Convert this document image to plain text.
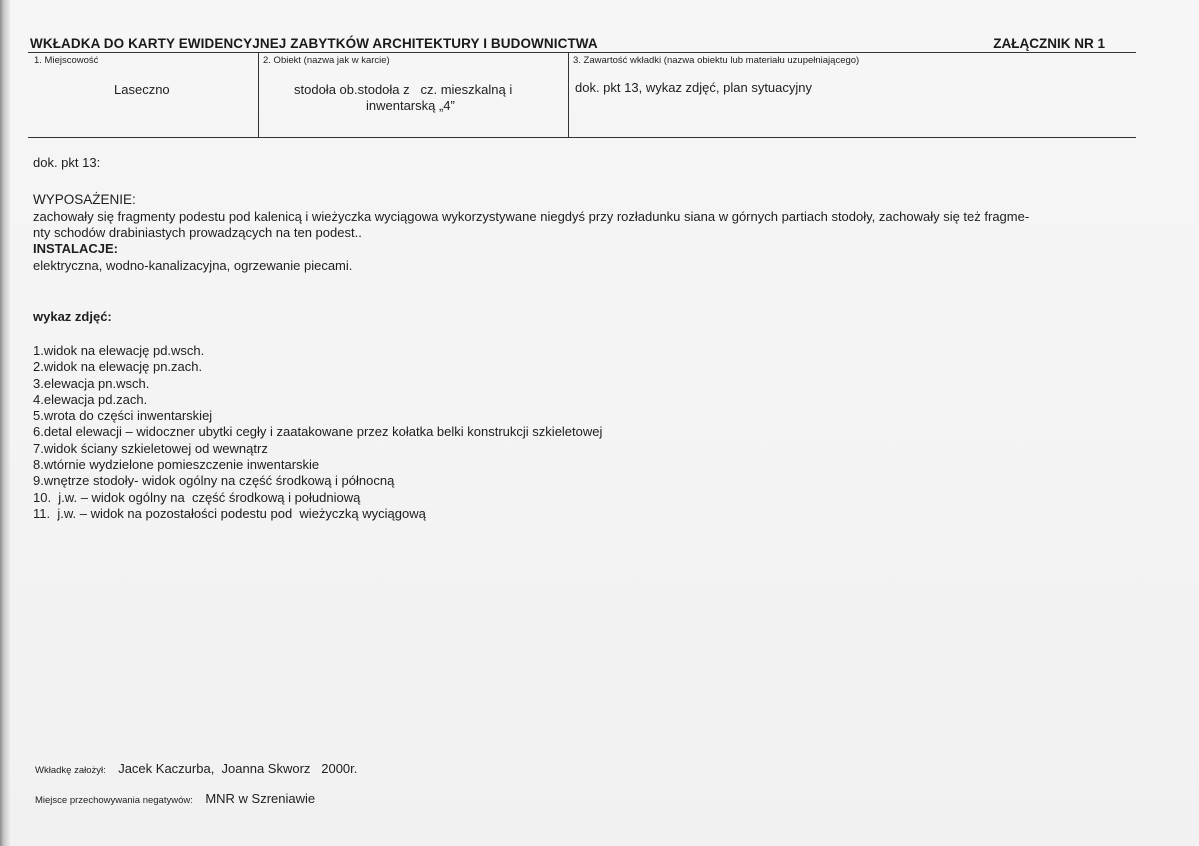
WKŁADKA DO KARTY EWIDENCYJNEJ ZABYTKÓW ARCHITEKTURY I BUDOWNICTWA	ZAŁĄCZNIK NR 1
1. Miejscowość
Laseczno
2. Obiekt (nazwa jak w karcie)
stodoła ob.stodoła z   cz. mieszkalną i
inwentarską „4”
3. Zawartość wkładki (nazwa obiektu lub materiału uzupełniającego)
dok. pkt 13, wykaz zdjęć, plan sytuacyjny
dok. pkt 13:
WYPOSAŻENIE:
zachowały się fragmenty podestu pod kalenicą i wieżyczka wyciągowa wykorzystywane niegdyś przy rozładunku siana w górnych partiach stodoły, zachowały się też fragme-
nty schodów drabiniastych prowadzących na ten podest..
INSTALACJE:
elektryczna, wodno-kanalizacyjna, ogrzewanie piecami.
wykaz zdjęć:
1.widok na elewację pd.wsch.
2.widok na elewację pn.zach.
3.elewacja pn.wsch.
4.elewacja pd.zach.
5.wrota do części inwentarskiej
6.detal elewacji – widoczner ubytki cegły i zaatakowane przez kołatka belki konstrukcji szkieletowej
7.widok ściany szkieletowej od wewnątrz
8.wtórnie wydzielone pomieszczenie inwentarskie
9.wnętrze stodoły- widok ogólny na część środkową i północną
10.  j.w. – widok ogólny na  część środkową i południową
11.  j.w. – widok na pozostałości podestu pod  wieżyczką wyciągową
Wkładkę założył: Jacek Kaczurba,  Joanna Skworz   2000r.
Miejsce przechowywania negatywów: MNR w Szreniawie
